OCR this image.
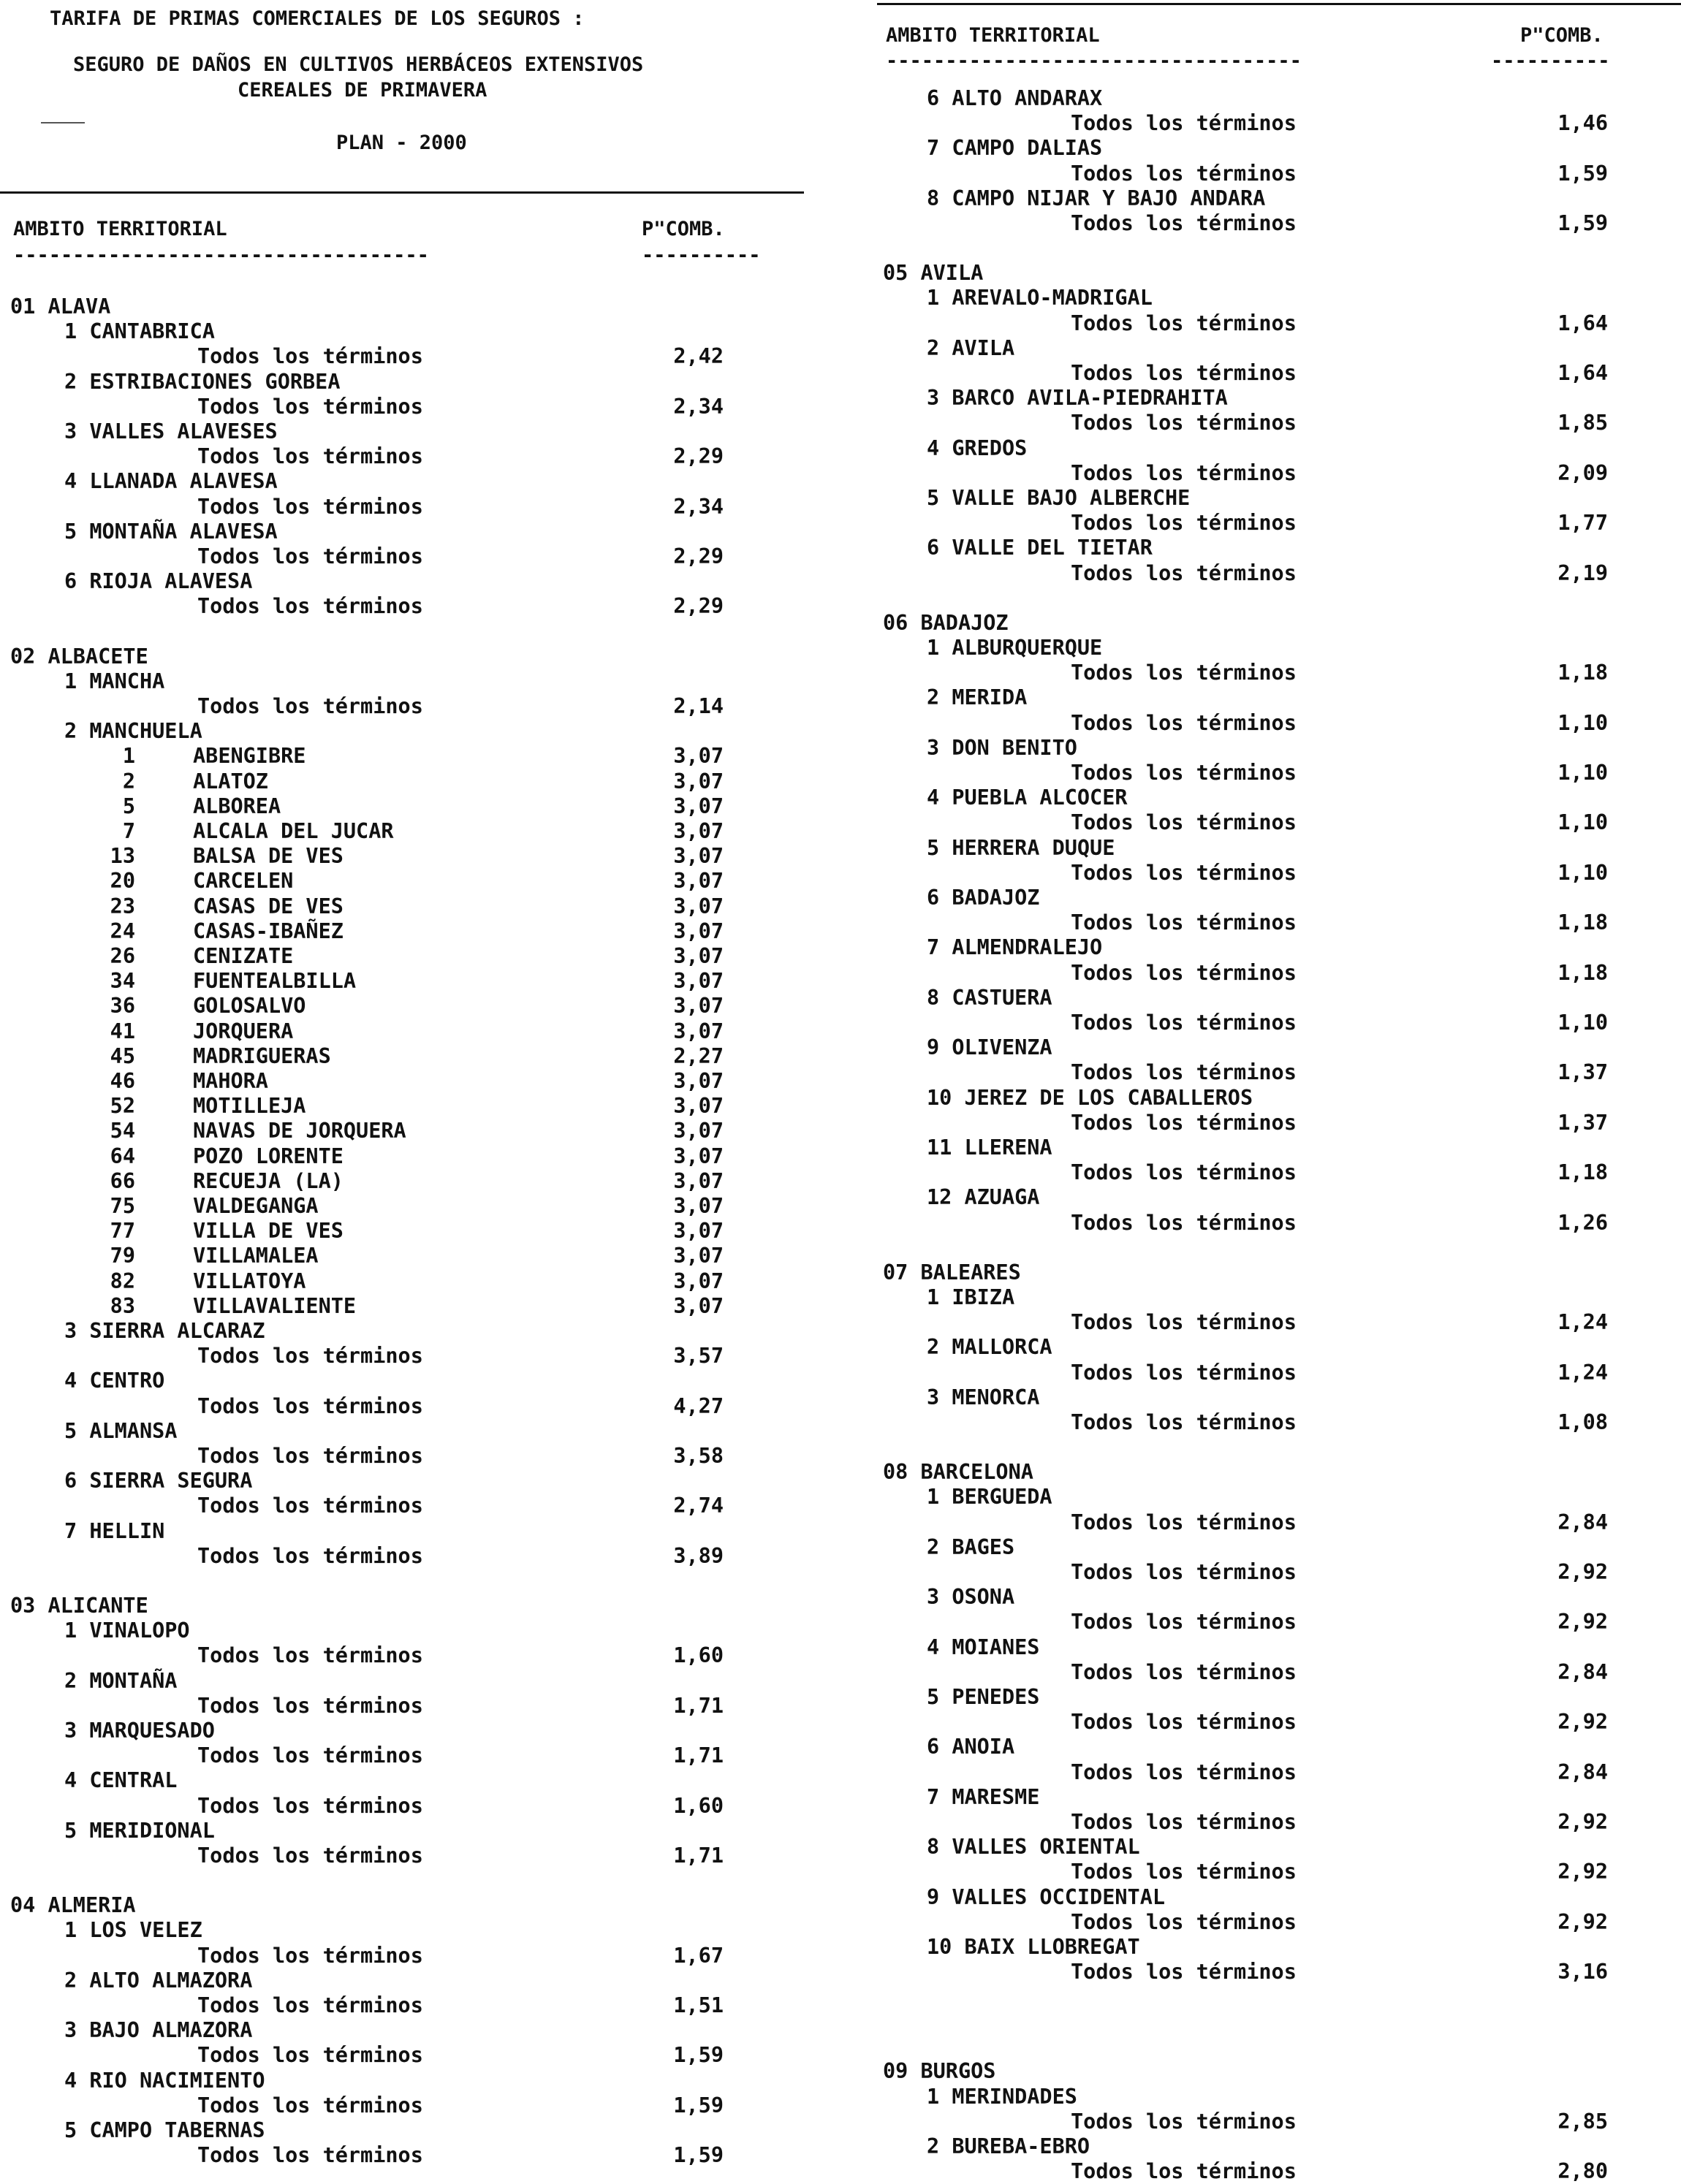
TARIFA DE PRIMAS COMERCIALES DE LOS SEGUROS :
SEGURO DE DAÑOS EN CULTIVOS HERBÁCEOS EXTENSIVOS
CEREALES DE PRIMAVERA
PLAN - 2000
AMBITO TERRITORIAL	P"COMB.
-----------------------------------	----------
01 ALAVA
1 CANTABRICA
Todos los términos	2,42
2 ESTRIBACIONES GORBEA
Todos los términos	2,34
3 VALLES ALAVESES
Todos los términos	2,29
4 LLANADA ALAVESA
Todos los términos	2,34
5 MONTAÑA ALAVESA
Todos los términos	2,29
6 RIOJA ALAVESA
Todos los términos	2,29
02 ALBACETE
1 MANCHA
Todos los términos	2,14
2 MANCHUELA
1	ABENGIBRE	3,07
2	ALATOZ	3,07
5	ALBOREA	3,07
7	ALCALA DEL JUCAR	3,07
13	BALSA DE VES	3,07
20	CARCELEN	3,07
23	CASAS DE VES	3,07
24	CASAS-IBAÑEZ	3,07
26	CENIZATE	3,07
34	FUENTEALBILLA	3,07
36	GOLOSALVO	3,07
41	JORQUERA	3,07
45	MADRIGUERAS	2,27
46	MAHORA	3,07
52	MOTILLEJA	3,07
54	NAVAS DE JORQUERA	3,07
64	POZO LORENTE	3,07
66	RECUEJA (LA)	3,07
75	VALDEGANGA	3,07
77	VILLA DE VES	3,07
79	VILLAMALEA	3,07
82	VILLATOYA	3,07
83	VILLAVALIENTE	3,07
3 SIERRA ALCARAZ
Todos los términos	3,57
4 CENTRO
Todos los términos	4,27
5 ALMANSA
Todos los términos	3,58
6 SIERRA SEGURA
Todos los términos	2,74
7 HELLIN
Todos los términos	3,89
03 ALICANTE
1 VINALOPO
Todos los términos	1,60
2 MONTAÑA
Todos los términos	1,71
3 MARQUESADO
Todos los términos	1,71
4 CENTRAL
Todos los términos	1,60
5 MERIDIONAL
Todos los términos	1,71
04 ALMERIA
1 LOS VELEZ
Todos los términos	1,67
2 ALTO ALMAZORA
Todos los términos	1,51
3 BAJO ALMAZORA
Todos los términos	1,59
4 RIO NACIMIENTO
Todos los términos	1,59
5 CAMPO TABERNAS
Todos los términos	1,59
AMBITO TERRITORIAL	P"COMB.
-----------------------------------	----------
6 ALTO ANDARAX
Todos los términos	1,46
7 CAMPO DALIAS
Todos los términos	1,59
8 CAMPO NIJAR Y BAJO ANDARA
Todos los términos	1,59
05 AVILA
1 AREVALO-MADRIGAL
Todos los términos	1,64
2 AVILA
Todos los términos	1,64
3 BARCO AVILA-PIEDRAHITA
Todos los términos	1,85
4 GREDOS
Todos los términos	2,09
5 VALLE BAJO ALBERCHE
Todos los términos	1,77
6 VALLE DEL TIETAR
Todos los términos	2,19
06 BADAJOZ
1 ALBURQUERQUE
Todos los términos	1,18
2 MERIDA
Todos los términos	1,10
3 DON BENITO
Todos los términos	1,10
4 PUEBLA ALCOCER
Todos los términos	1,10
5 HERRERA DUQUE
Todos los términos	1,10
6 BADAJOZ
Todos los términos	1,18
7 ALMENDRALEJO
Todos los términos	1,18
8 CASTUERA
Todos los términos	1,10
9 OLIVENZA
Todos los términos	1,37
10 JEREZ DE LOS CABALLEROS
Todos los términos	1,37
11 LLERENA
Todos los términos	1,18
12 AZUAGA
Todos los términos	1,26
07 BALEARES
1 IBIZA
Todos los términos	1,24
2 MALLORCA
Todos los términos	1,24
3 MENORCA
Todos los términos	1,08
08 BARCELONA
1 BERGUEDA
Todos los términos	2,84
2 BAGES
Todos los términos	2,92
3 OSONA
Todos los términos	2,92
4 MOIANES
Todos los términos	2,84
5 PENEDES
Todos los términos	2,92
6 ANOIA
Todos los términos	2,84
7 MARESME
Todos los términos	2,92
8 VALLES ORIENTAL
Todos los términos	2,92
9 VALLES OCCIDENTAL
Todos los términos	2,92
10 BAIX LLOBREGAT
Todos los términos	3,16
09 BURGOS
1 MERINDADES
Todos los términos	2,85
2 BUREBA-EBRO
Todos los términos	2,80
